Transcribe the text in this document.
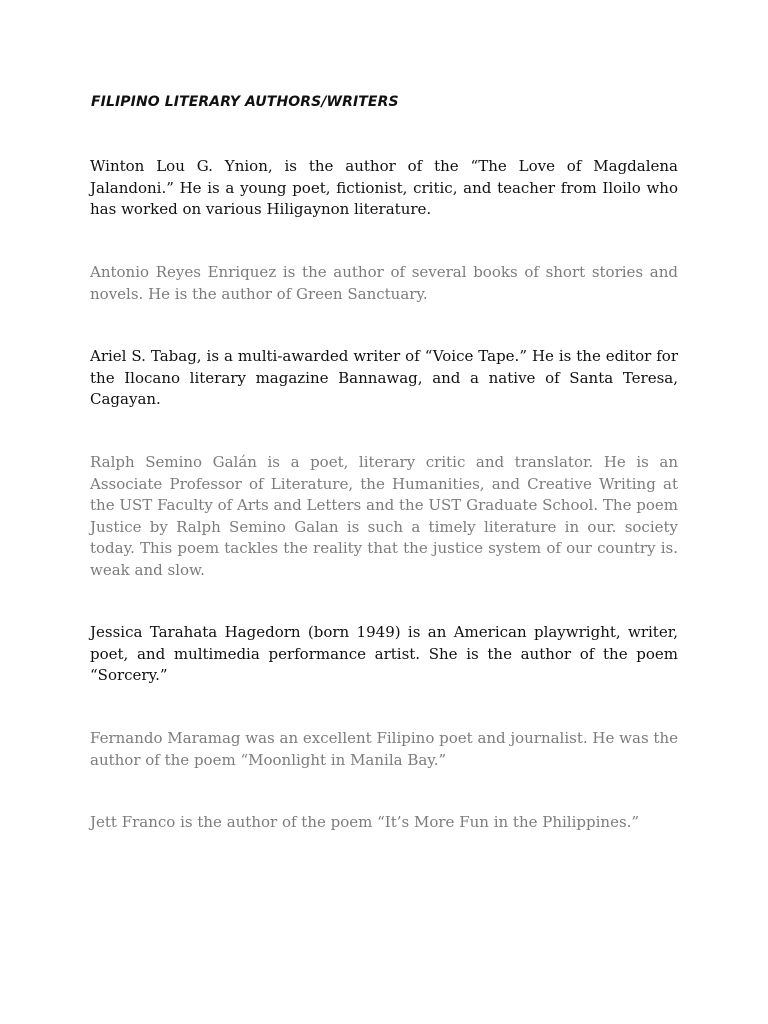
FILIPINO LITERARY AUTHORS/WRITERS

Winton Lou G. Ynion, is the author of the “The Love of Magdalena Jalandoni.” He is a young poet, fictionist, critic, and teacher from Iloilo who has worked on various Hiligaynon literature.

Antonio Reyes Enriquez is the author of several books of short stories and novels. He is the author of Green Sanctuary.

Ariel S. Tabag, is a multi-awarded writer of “Voice Tape.” He is the editor for the Ilocano literary magazine Bannawag, and a native of Santa Teresa, Cagayan.

Ralph Semino Galán is a poet, literary critic and translator. He is an Associate Professor of Literature, the Humanities, and Creative Writing at the UST Faculty of Arts and Letters and the UST Graduate School. The poem Justice by Ralph Semino Galan is such a timely literature in our. society today. This poem tackles the reality that the justice system of our country is. weak and slow.

Jessica Tarahata Hagedorn (born 1949) is an American playwright, writer, poet, and multimedia performance artist. She is the author of the poem “Sorcery.”

Fernando Maramag was an excellent Filipino poet and journalist. He was the author of the poem “Moonlight in Manila Bay.”

Jett Franco is the author of the poem “It’s More Fun in the Philippines.”
